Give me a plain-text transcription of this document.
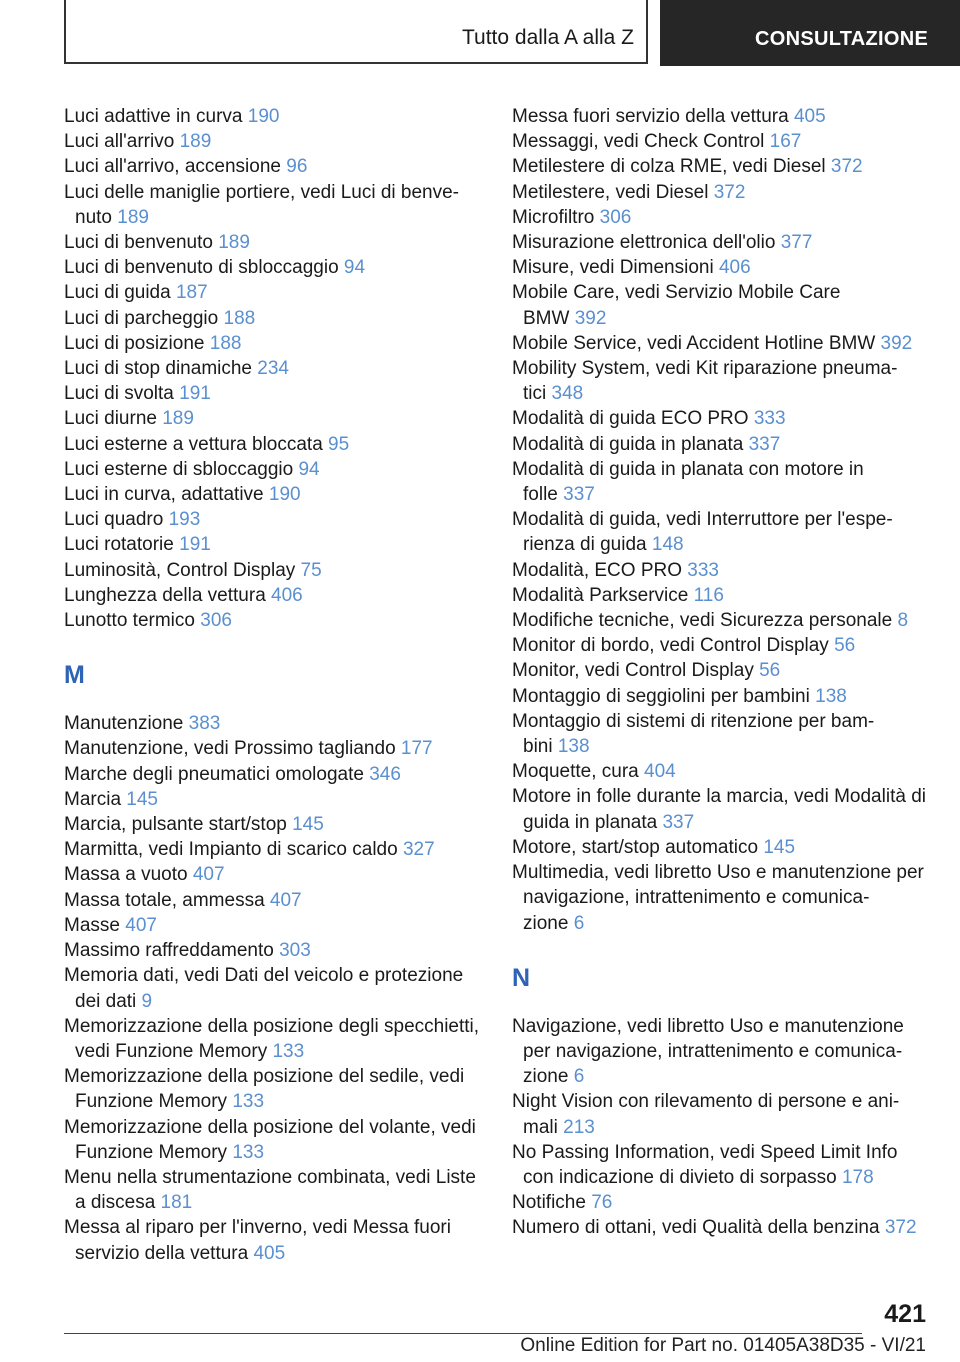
Tutto dalla A alla Z	CONSULTAZIONE
Luci adattive in curva 190
Luci all'arrivo 189
Luci all'arrivo, accensione 96
Luci delle maniglie portiere, vedi Luci di benve-
nuto 189
Luci di benvenuto 189
Luci di benvenuto di sbloccaggio 94
Luci di guida 187
Luci di parcheggio 188
Luci di posizione 188
Luci di stop dinamiche 234
Luci di svolta 191
Luci diurne 189
Luci esterne a vettura bloccata 95
Luci esterne di sbloccaggio 94
Luci in curva, adattative 190
Luci quadro 193
Luci rotatorie 191
Luminosità, Control Display 75
Lunghezza della vettura 406
Lunotto termico 306
M
Manutenzione 383
Manutenzione, vedi Prossimo tagliando 177
Marche degli pneumatici omologate 346
Marcia 145
Marcia, pulsante start/stop 145
Marmitta, vedi Impianto di scarico caldo 327
Massa a vuoto 407
Massa totale, ammessa 407
Masse 407
Massimo raffreddamento 303
Memoria dati, vedi Dati del veicolo e protezione
dei dati 9
Memorizzazione della posizione degli specchietti,
vedi Funzione Memory 133
Memorizzazione della posizione del sedile, vedi
Funzione Memory 133
Memorizzazione della posizione del volante, vedi
Funzione Memory 133
Menu nella strumentazione combinata, vedi Liste
a discesa 181
Messa al riparo per l'inverno, vedi Messa fuori
servizio della vettura 405
Messa fuori servizio della vettura 405
Messaggi, vedi Check Control 167
Metilestere di colza RME, vedi Diesel 372
Metilestere, vedi Diesel 372
Microfiltro 306
Misurazione elettronica dell'olio 377
Misure, vedi Dimensioni 406
Mobile Care, vedi Servizio Mobile Care
BMW 392
Mobile Service, vedi Accident Hotline BMW 392
Mobility System, vedi Kit riparazione pneuma-
tici 348
Modalità di guida ECO PRO 333
Modalità di guida in planata 337
Modalità di guida in planata con motore in
folle 337
Modalità di guida, vedi Interruttore per l'espe-
rienza di guida 148
Modalità, ECO PRO 333
Modalità Parkservice 116
Modifiche tecniche, vedi Sicurezza personale 8
Monitor di bordo, vedi Control Display 56
Monitor, vedi Control Display 56
Montaggio di seggiolini per bambini 138
Montaggio di sistemi di ritenzione per bam-
bini 138
Moquette, cura 404
Motore in folle durante la marcia, vedi Modalità di
guida in planata 337
Motore, start/stop automatico 145
Multimedia, vedi libretto Uso e manutenzione per
navigazione, intrattenimento e comunica-
zione 6
N
Navigazione, vedi libretto Uso e manutenzione
per navigazione, intrattenimento e comunica-
zione 6
Night Vision con rilevamento di persone e ani-
mali 213
No Passing Information, vedi Speed Limit Info
con indicazione di divieto di sorpasso 178
Notifiche 76
Numero di ottani, vedi Qualità della benzina 372
421
Online Edition for Part no. 01405A38D35 - VI/21
